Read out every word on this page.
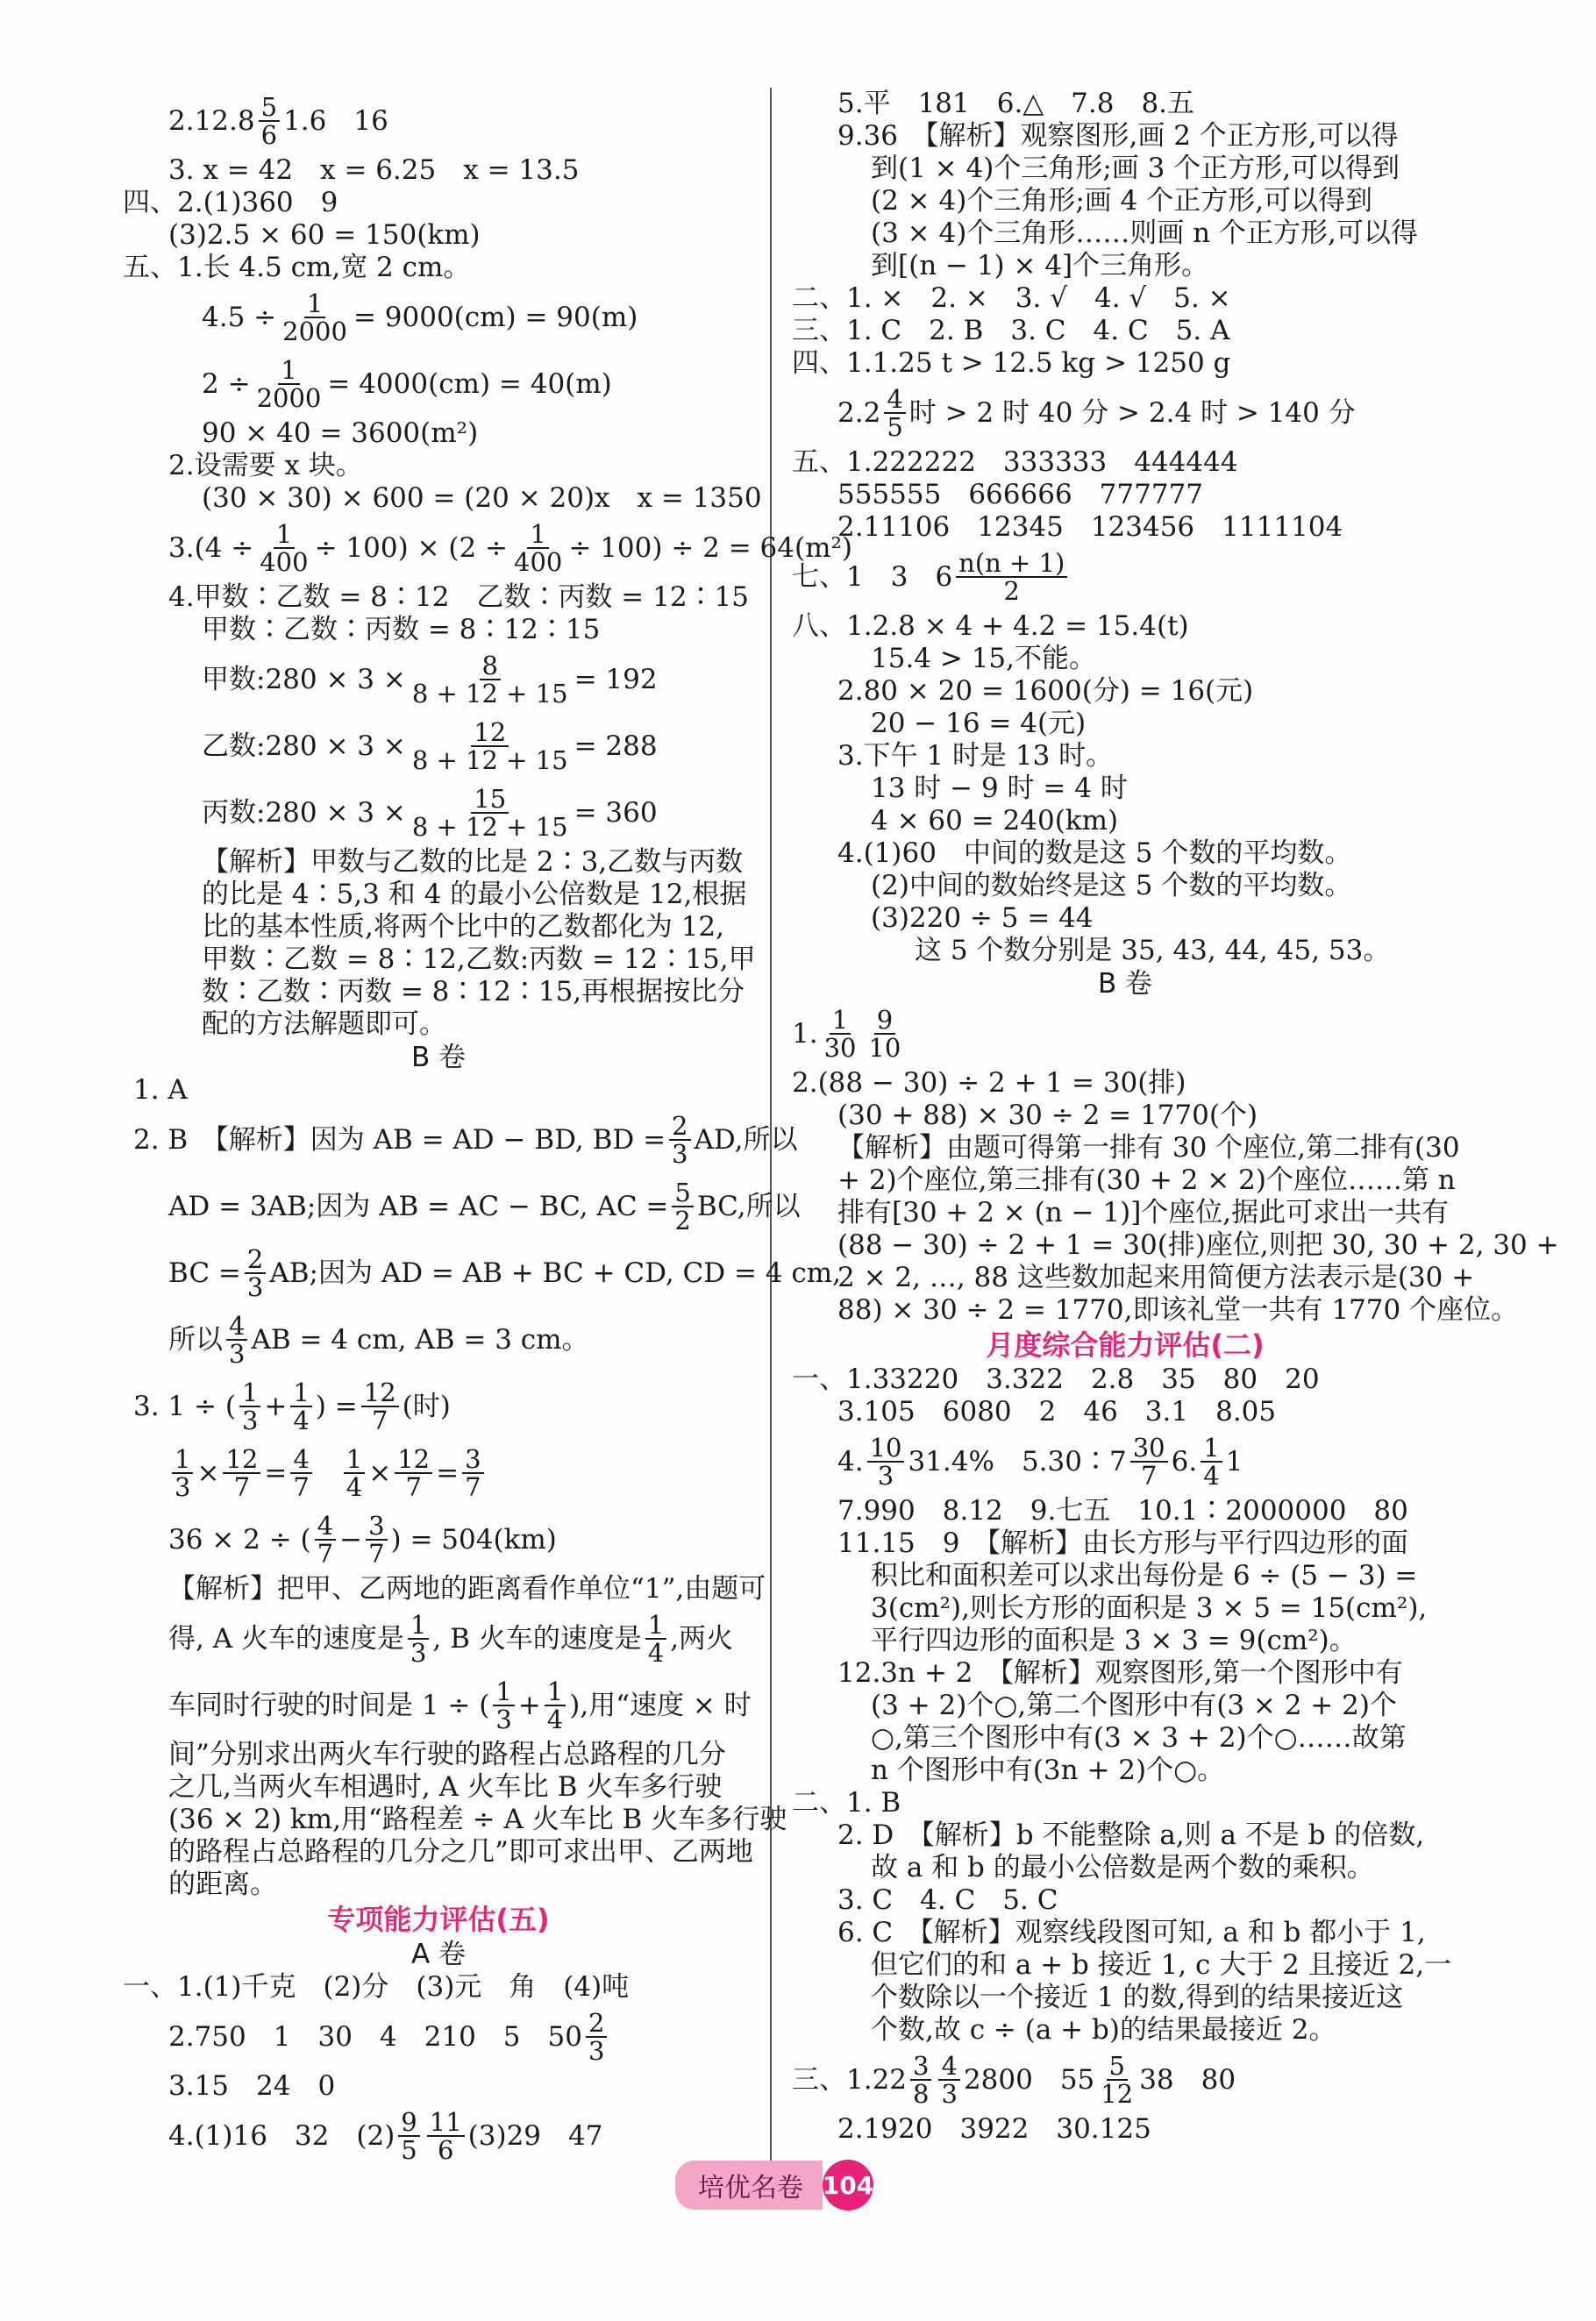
$2.12.8 \frac{5}{6} 1.6$　16
3. x = 42　x = 6.25　x = 13.5
四、2.(1)360　9
(3)2.5 × 60 = 150(km)
五、1.长 4.5 cm,宽 2 cm。
$4.5 \div \frac{1}{2000} = 9000(cm) = 90(m)$
$2 \div \frac{1}{2000} = 4000(cm) = 40(m)$
90 × 40 = 3600(m²)
2.设需要 x 块。
(30 × 30) × 600 = (20 × 20)x　x = 1350
$3.(4 \div \frac{1}{400} \div 100) \times (2 \div \frac{1}{400} \div 100) \div 2 = 64(m^2)$
4.甲数∶乙数 = 8∶12　乙数∶丙数 = 12∶15
甲数∶乙数∶丙数 = 8∶12∶15
甲数:280 × $3 \times \frac{8}{8 + 12 + 15} = 192$
乙数:280 × $3 \times \frac{12}{8 + 12 + 15} = 288$
丙数:280 × $3 \times \frac{15}{8 + 12 + 15} = 360$
【解析】甲数与乙数的比是 2∶3,乙数与丙数
的比是 4∶5,3 和 4 的最小公倍数是 12,根据
比的基本性质,将两个比中的乙数都化为 12,
甲数∶乙数 = 8∶12,乙数:丙数 = 12∶15,甲
数∶乙数∶丙数 = 8∶12∶15,再根据按比分
配的方法解题即可。
B 卷
1. A
2. B　【解析】因为 AB = AD − BD, BD = $\frac{2}{3}$ AD,所以
AD = 3AB;因为 AB = AC − BC, AC = $\frac{5}{2}$ BC,所以
BC = $\frac{2}{3}$ AB;因为 AD = AB + BC + CD, CD = 4 cm,
所以 $\frac{4}{3}$ AB = 4 cm, AB = 3 cm。
3. 1 ÷ ( $\frac{1}{3} + \frac{1}{4}$ ) = $\frac{12}{7}$ (时)
$\frac{1}{3} \times \frac{12}{7} = \frac{4}{7} \frac{1}{4} \times \frac{12}{7} = \frac{3}{7}$
36 × 2 ÷ ( $\frac{4}{7} - \frac{3}{7}$ ) = 504(km)
【解析】把甲、乙两地的距离看作单位“1”,由题可
得, A 火车的速度是 $\frac{1}{3}$ , B 火车的速度是 $\frac{1}{4}$ ,两火
车同时行驶的时间是 1 ÷ ( $\frac{1}{3} + \frac{1}{4}$ ),用“速度 × 时
间”分别求出两火车行驶的路程占总路程的几分
之几,当两火车相遇时, A 火车比 B 火车多行驶
(36 × 2) km,用“路程差 ÷ A 火车比 B 火车多行驶
的路程占总路程的几分之几”即可求出甲、乙两地
的距离。
专项能力评估(五)
A 卷
一、1.(1)千克　(2)分　(3)元　角　(4)吨
2.750　1　30　4　210　5　$50 \frac{2}{3}$
3.15　24　0
4.(1)16　32　$(2) \frac{9}{5} \frac{11}{6} (3)29$　47
5.平　181　6.△　7.8　8.五
9.36　【解析】观察图形,画 2 个正方形,可以得
到(1 × 4)个三角形;画 3 个正方形,可以得到
(2 × 4)个三角形;画 4 个正方形,可以得到
(3 × 4)个三角形……则画 n 个正方形,可以得
到[(n − 1) × 4]个三角形。
二、1. ×　2. ×　3. √　4. √　5. ×
三、1. C　2. B　3. C　4. C　5. A
四、1.1.25 t > 12.5 kg > 1250 g
$2.2 \frac{4}{5}$ 时 > 2 时 40 分 > 2.4 时 > 140 分
五、1.222222　333333　444444
555555　666666　777777
2.11106　12345　123456　1111104
七、1　3　$6 \frac{n(n + 1)}{2}$
八、1.2.8 × 4 + 4.2 = 15.4(t)
15.4 > 15,不能。
2.80 × 20 = 1600(分) = 16(元)
20 − 16 = 4(元)
3.下午 1 时是 13 时。
13 时 − 9 时 = 4 时
4 × 60 = 240(km)
4.(1)60　中间的数是这 5 个数的平均数。
(2)中间的数始终是这 5 个数的平均数。
(3)220 ÷ 5 = 44
这 5 个数分别是 35, 43, 44, 45, 53。
B 卷
1. $\frac{1}{30} \frac{9}{10}$
2.(88 − 30) ÷ 2 + 1 = 30(排)
(30 + 88) × 30 ÷ 2 = 1770(个)
【解析】由题可得第一排有 30 个座位,第二排有(30
+ 2)个座位,第三排有(30 + 2 × 2)个座位……第 n
排有[30 + 2 × (n − 1)]个座位,据此可求出一共有
(88 − 30) ÷ 2 + 1 = 30(排)座位,则把 30, 30 + 2, 30 +
2 × 2, …, 88 这些数加起来用简便方法表示是(30 +
88) × 30 ÷ 2 = 1770,即该礼堂一共有 1770 个座位。
月度综合能力评估(二)
一、1.33220　3.322　2.8　35　80　20
3.105　6080　2　46　3.1　8.05
4. $\frac{10}{3} 31.4\%$　5.30∶7 $\frac{30}{7} 6$. $\frac{1}{4} 1$
7.990　8.12　9.七五　10.1∶2000000　80
11.15　9　【解析】由长方形与平行四边形的面
积比和面积差可以求出每份是 6 ÷ (5 − 3) =
3(cm²),则长方形的面积是 3 × 5 = 15(cm²),
平行四边形的面积是 3 × 3 = 9(cm²)。
12.3n + 2　【解析】观察图形,第一个图形中有
(3 + 2)个○,第二个图形中有(3 × 2 + 2)个
○,第三个图形中有(3 × 3 + 2)个○……故第
n 个图形中有(3n + 2)个○。
二、1. B
2. D　【解析】b 不能整除 a,则 a 不是 b 的倍数,
故 a 和 b 的最小公倍数是两个数的乘积。
3. C　4. C　5. C
6. C　【解析】观察线段图可知, a 和 b 都小于 1,
但它们的和 a + b 接近 1, c 大于 2 且接近 2,一
个数除以一个接近 1 的数,得到的结果接近这
个数,故 c ÷ (a + b)的结果最接近 2。
三、$1.22 \frac{3}{8} \frac{4}{3} 2800$　$55 \frac{5}{12} 38$　80
2.1920　3922　30.125
培优名卷 104
